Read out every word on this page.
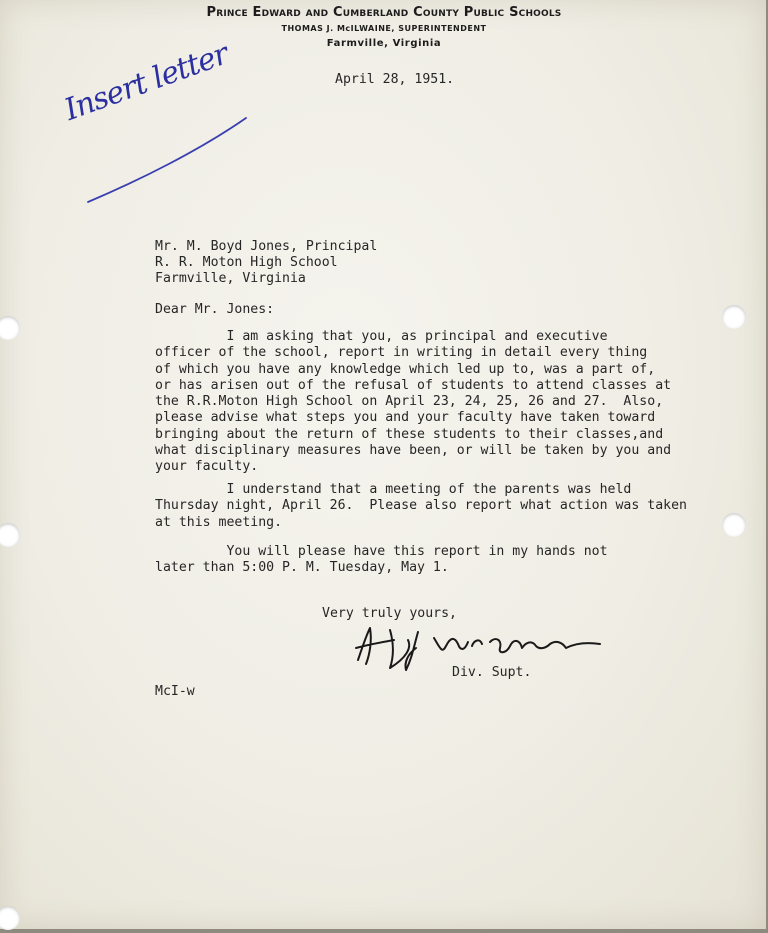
Prince Edward and Cumberland County Public Schools
THOMAS J. McILWAINE, SUPERINTENDENT
Farmville, Virginia
April 28, 1951.
Insert letter
Mr. M. Boyd Jones, Principal
R. R. Moton High School
Farmville, Virginia
Dear Mr. Jones:
I am asking that you, as principal and executive
officer of the school, report in writing in detail every thing
of which you have any knowledge which led up to, was a part of,
or has arisen out of the refusal of students to attend classes at
the R.R.Moton High School on April 23, 24, 25, 26 and 27.  Also,
please advise what steps you and your faculty have taken toward
bringing about the return of these students to their classes,and
what disciplinary measures have been, or will be taken by you and
your faculty.
I understand that a meeting of the parents was held
Thursday night, April 26.  Please also report what action was taken
at this meeting.
You will please have this report in my hands not
later than 5:00 P. M. Tuesday, May 1.
Very truly yours,
Div. Supt.
McI-w
